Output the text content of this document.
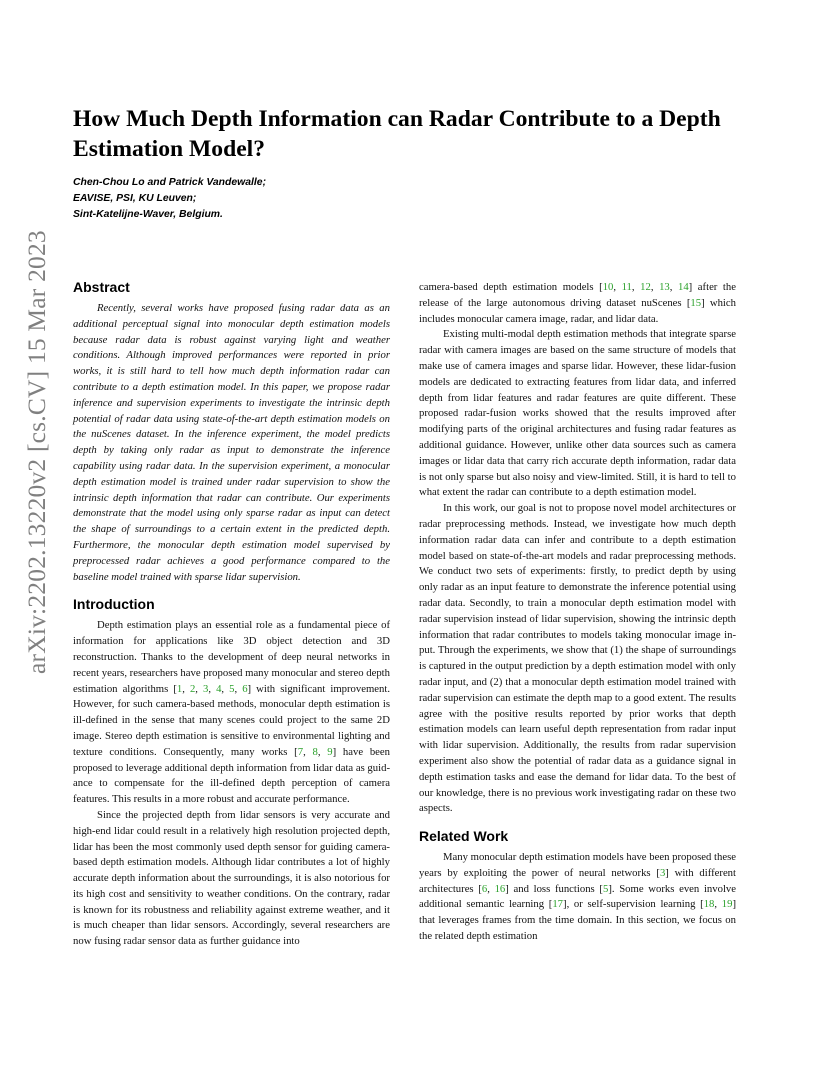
arXiv:2202.13220v2 [cs.CV] 15 Mar 2023
How Much Depth Information can Radar Contribute to a Depth Estimation Model?
Chen-Chou Lo and Patrick Vandewalle;
EAVISE, PSI, KU Leuven;
Sint-Katelijne-Waver, Belgium.
Abstract

Recently, several works have proposed fusing radar data as an additional perceptual signal into monocular depth estimation models because radar data is robust against varying light and weather conditions. Although improved performances were reported in prior works, it is still hard to tell how much depth information radar can contribute to a depth estimation model. In this paper, we propose radar inference and supervision experiments to investigate the intrinsic depth potential of radar data using state-of-the-art depth estimation models on the nuScenes dataset. In the inference experiment, the model predicts depth by taking only radar as input to demonstrate the inference capability using radar data. In the supervision experiment, a monocular depth estimation model is trained under radar supervision to show the intrinsic depth information that radar can contribute. Our experiments demonstrate that the model using only sparse radar as input can detect the shape of surroundings to a certain extent in the predicted depth. Furthermore, the monocular depth estimation model supervised by preprocessed radar achieves a good performance compared to the baseline model trained with sparse lidar supervision.

Introduction

Depth estimation plays an essential role as a fundamental piece of information for applications like 3D object detection and 3D reconstruction. Thanks to the development of deep neural networks in recent years, researchers have proposed many monocular and stereo depth estimation algorithms [1, 2, 3, 4, 5, 6] with significant improvement. However, for such camera-based methods, monocular depth estimation is ill-defined in the sense that many scenes could project to the same 2D image. Stereo depth estimation is sensitive to environmental lighting and texture conditions. Consequently, many works [7, 8, 9] have been proposed to leverage additional depth information from lidar data as guidance to compensate for the ill-defined depth perception of camera features. This results in a more robust and accurate performance.

Since the projected depth from lidar sensors is very accurate and high-end lidar could result in a relatively high resolution projected depth, lidar has been the most commonly used depth sensor for guiding camera-based depth estimation models. Although lidar contributes a lot of highly accurate depth information about the surroundings, it is also notorious for its high cost and sensitivity to weather conditions. On the contrary, radar is known for its robustness and reliability against extreme weather, and it is much cheaper than lidar sensors. Accordingly, several researchers are now fusing radar sensor data as further guidance into

camera-based depth estimation models [10, 11, 12, 13, 14] after the release of the large autonomous driving dataset nuScenes [15] which includes monocular camera image, radar, and lidar data.

Existing multi-modal depth estimation methods that integrate sparse radar with camera images are based on the same structure of models that make use of camera images and sparse lidar. However, these lidar-fusion models are dedicated to extracting features from lidar data, and inferred depth from lidar features and radar features are quite different. These proposed radar-fusion works showed that the results improved after modifying parts of the original architectures and fusing radar features as additional guidance. However, unlike other data sources such as camera images or lidar data that carry rich accurate depth information, radar data is not only sparse but also noisy and view-limited. Still, it is hard to tell to what extent the radar can contribute to a depth estimation model.

In this work, our goal is not to propose novel model architectures or radar preprocessing methods. Instead, we investigate how much depth information radar data can infer and contribute to a depth estimation model based on state-of-the-art models and radar preprocessing methods. We conduct two sets of experiments: firstly, to predict depth by using only radar as an input feature to demonstrate the inference potential using radar data. Secondly, to train a monocular depth estimation model with radar supervision instead of lidar supervision, showing the intrinsic depth information that radar contributes to models taking monocular image input. Through the experiments, we show that (1) the shape of surroundings is captured in the output prediction by a depth estimation model with only radar input, and (2) that a monocular depth estimation model trained with radar supervision can estimate the depth map to a good extent. The results agree with the positive results reported by prior works that depth estimation models can learn useful depth representation from radar input with lidar supervision. Additionally, the results from radar supervision experiment also show the potential of radar data as a guidance signal in depth estimation tasks and ease the demand for lidar data. To the best of our knowledge, there is no previous work investigating radar on these two aspects.

Related Work

Many monocular depth estimation models have been proposed these years by exploiting the power of neural networks [3] with different architectures [6, 16] and loss functions [5]. Some works even involve additional semantic learning [17], or self-supervision learning [18, 19] that leverages frames from the time domain. In this section, we focus on the related depth estimation
